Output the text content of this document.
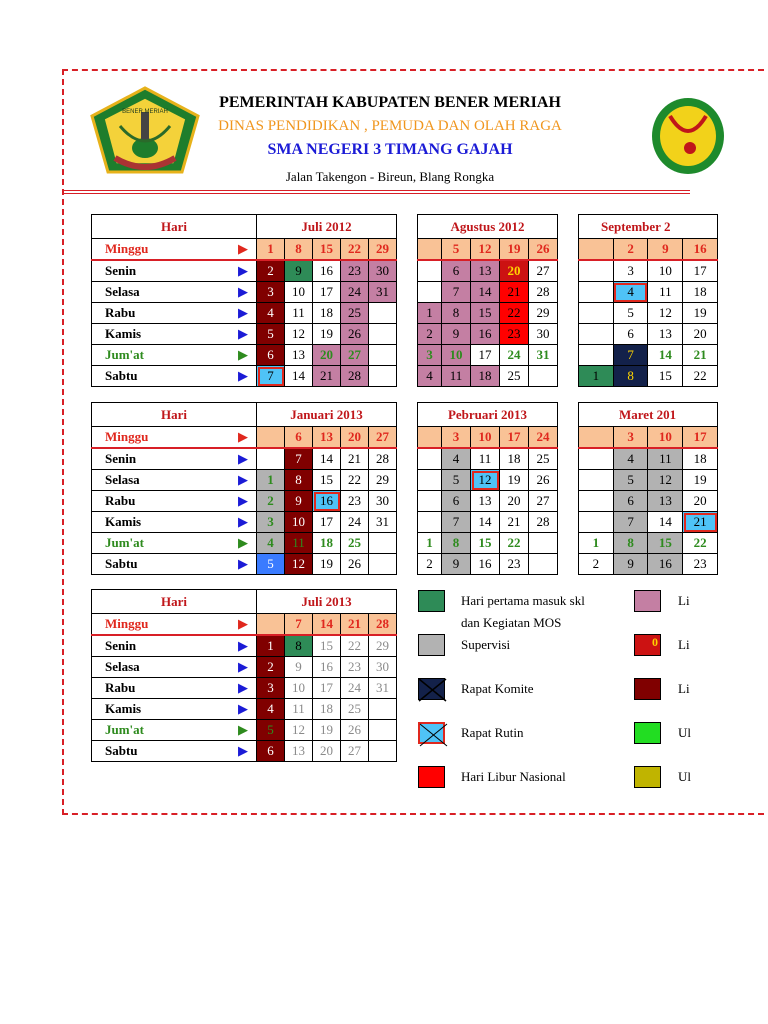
BENER MERIAH
PEMERINTAH KABUPATEN BENER MERIAH
DINAS PENDIDIKAN , PEMUDA DAN OLAH RAGA
SMA NEGERI 3 TIMANG GAJAH
Jalan Takengon - Bireun, Blang Rongka
Hari		Juli 2012				
Minggu	▶	1	8	15	22	29
Senin	▶	2	9	16	23	30
Selasa	▶	3	10	17	24	31
Rabu	▶	4	11	18	25	
Kamis	▶	5	12	19	26	
Jum'at	▶	6	13	20	27	
Sabtu	▶	7	14	21	28	
Agustus 2012				
	5	12	19	26
	6	13	20	27
	7	14	21	28
1	8	15	22	29
2	9	16	23	30
3	10	17	24	31
4	11	18	25	
September 2			
	2	9	16
	3	10	17
	4	11	18
	5	12	19
	6	13	20
	7	14	21
1	8	15	22
Hari		Januari 2013				
Minggu	▶		6	13	20	27
Senin	▶		7	14	21	28
Selasa	▶	1	8	15	22	29
Rabu	▶	2	9	16	23	30
Kamis	▶	3	10	17	24	31
Jum'at	▶	4	11	18	25	
Sabtu	▶	5	12	19	26	
Pebruari 2013				
	3	10	17	24
	4	11	18	25
	5	12	19	26
	6	13	20	27
	7	14	21	28
1	8	15	22	
2	9	16	23	
Maret 201			
	3	10	17
	4	11	18
	5	12	19
	6	13	20
	7	14	21
1	8	15	22
2	9	16	23
Hari		Juli 2013				
Minggu	▶		7	14	21	28
Senin	▶	1	8	15	22	29
Selasa	▶	2	9	16	23	30
Rabu	▶	3	10	17	24	31
Kamis	▶	4	11	18	25	
Jum'at	▶	5	12	19	26	
Sabtu	▶	6	13	20	27	
Hari pertama masuk skl
dan Kegiatan MOS
Supervisi
Rapat Komite
Rapat Rutin
Hari Libur Nasional
Li
0 Li
Li
Ul
Ul
